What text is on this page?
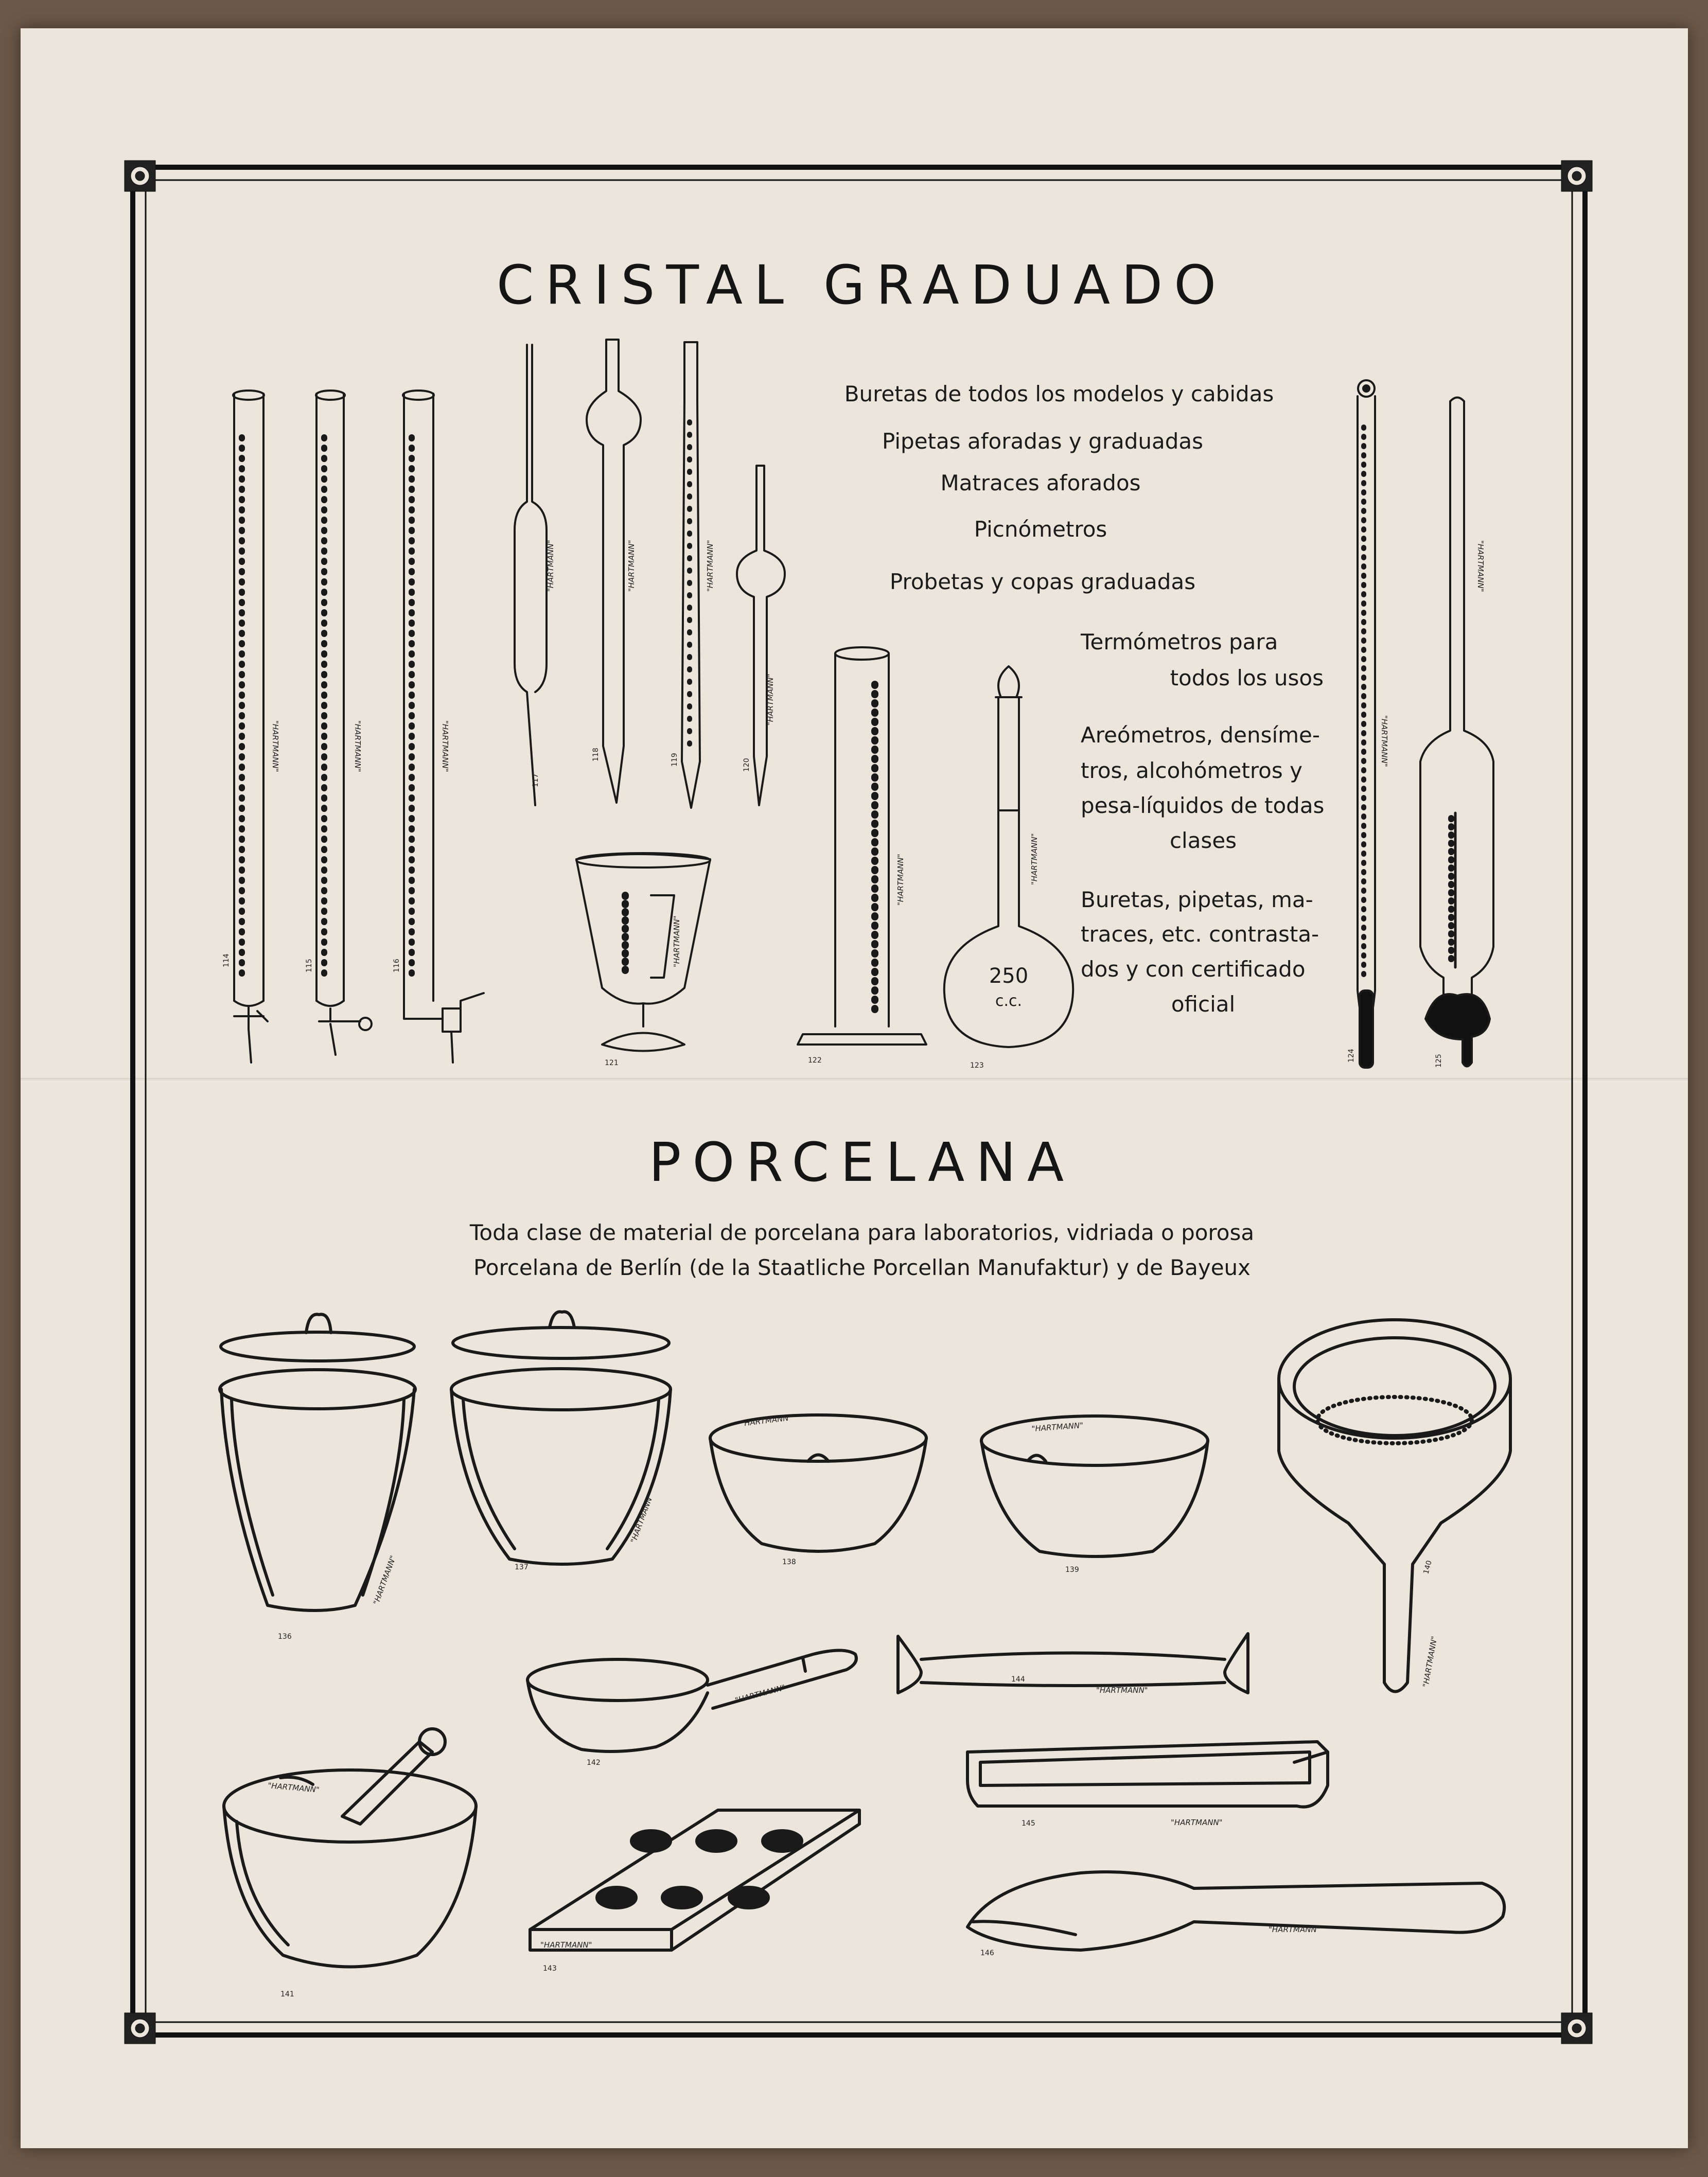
CRISTAL GRADUADO
PORCELANA
Buretas de todos los modelos y cabidas
Pipetas aforadas y graduadas
Matraces aforados
Picnómetros
Probetas y copas graduadas
Termómetros para
todos los usos
Areómetros, densíme-
tros, alcohómetros y
pesa-líquidos de todas
clases
Buretas, pipetas, ma-
traces, etc. contrasta-
dos y con certificado
oficial
Toda clase de material de porcelana para laboratorios, vidriada o porosa
Porcelana de Berlín (de la Staatliche Porcellan Manufaktur) y de Bayeux
"HARTMANN"
114
"HARTMANN"
115
"HARTMANN"
116
"HARTMANN"
117
"HARTMANN"
118
"HARTMANN"
119
"HARTMANN"
120
"HARTMANN"
121
"HARTMANN"
122
250
c.c.
"HARTMANN"
123
"HARTMANN"
124
"HARTMANN"
125
"HARTMANN"
136
"HARTMANN"
137
"HARTMANN"
138
"HARTMANN"
139
"HARTMANN"
140
"HARTMANN"
141
"HARTMANN"
142
"HARTMANN"
143
"HARTMANN"
144
"HARTMANN"
145
"HARTMANN"
146
